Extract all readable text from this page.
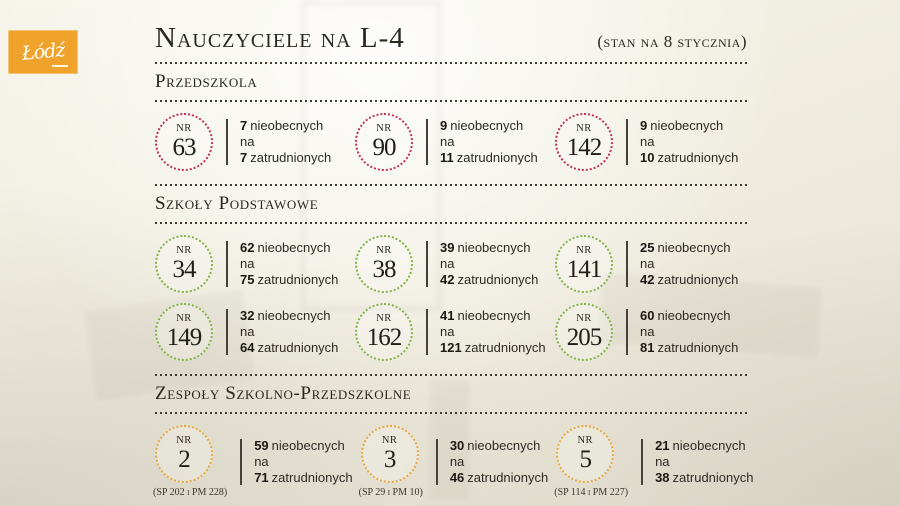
Łódź	Nauczyciele na L-4	(stan na 8 stycznia)
Przedszkola
NR
63
7 nieobecnych
na
7 zatrudnionych
NR
90
9 nieobecnych
na
11 zatrudnionych
NR
142
9 nieobecnych
na
10 zatrudnionych
Szkoły Podstawowe
NR
34
62 nieobecnych
na
75 zatrudnionych
NR
38
39 nieobecnych
na
42 zatrudnionych
NR
141
25 nieobecnych
na
42 zatrudnionych
NR
149
32 nieobecnych
na
64 zatrudnionych
NR
162
41 nieobecnych
na
121 zatrudnionych
NR
205
60 nieobecnych
na
81 zatrudnionych
Zespoły Szkolno-Przedszkolne
NR
2
(SP 202 i PM 228)
59 nieobecnych
na
71 zatrudnionych
NR
3
(SP 29 i PM 10)
30 nieobecnych
na
46 zatrudnionych
NR
5
(SP 114 i PM 227)
21 nieobecnych
na
38 zatrudnionych
